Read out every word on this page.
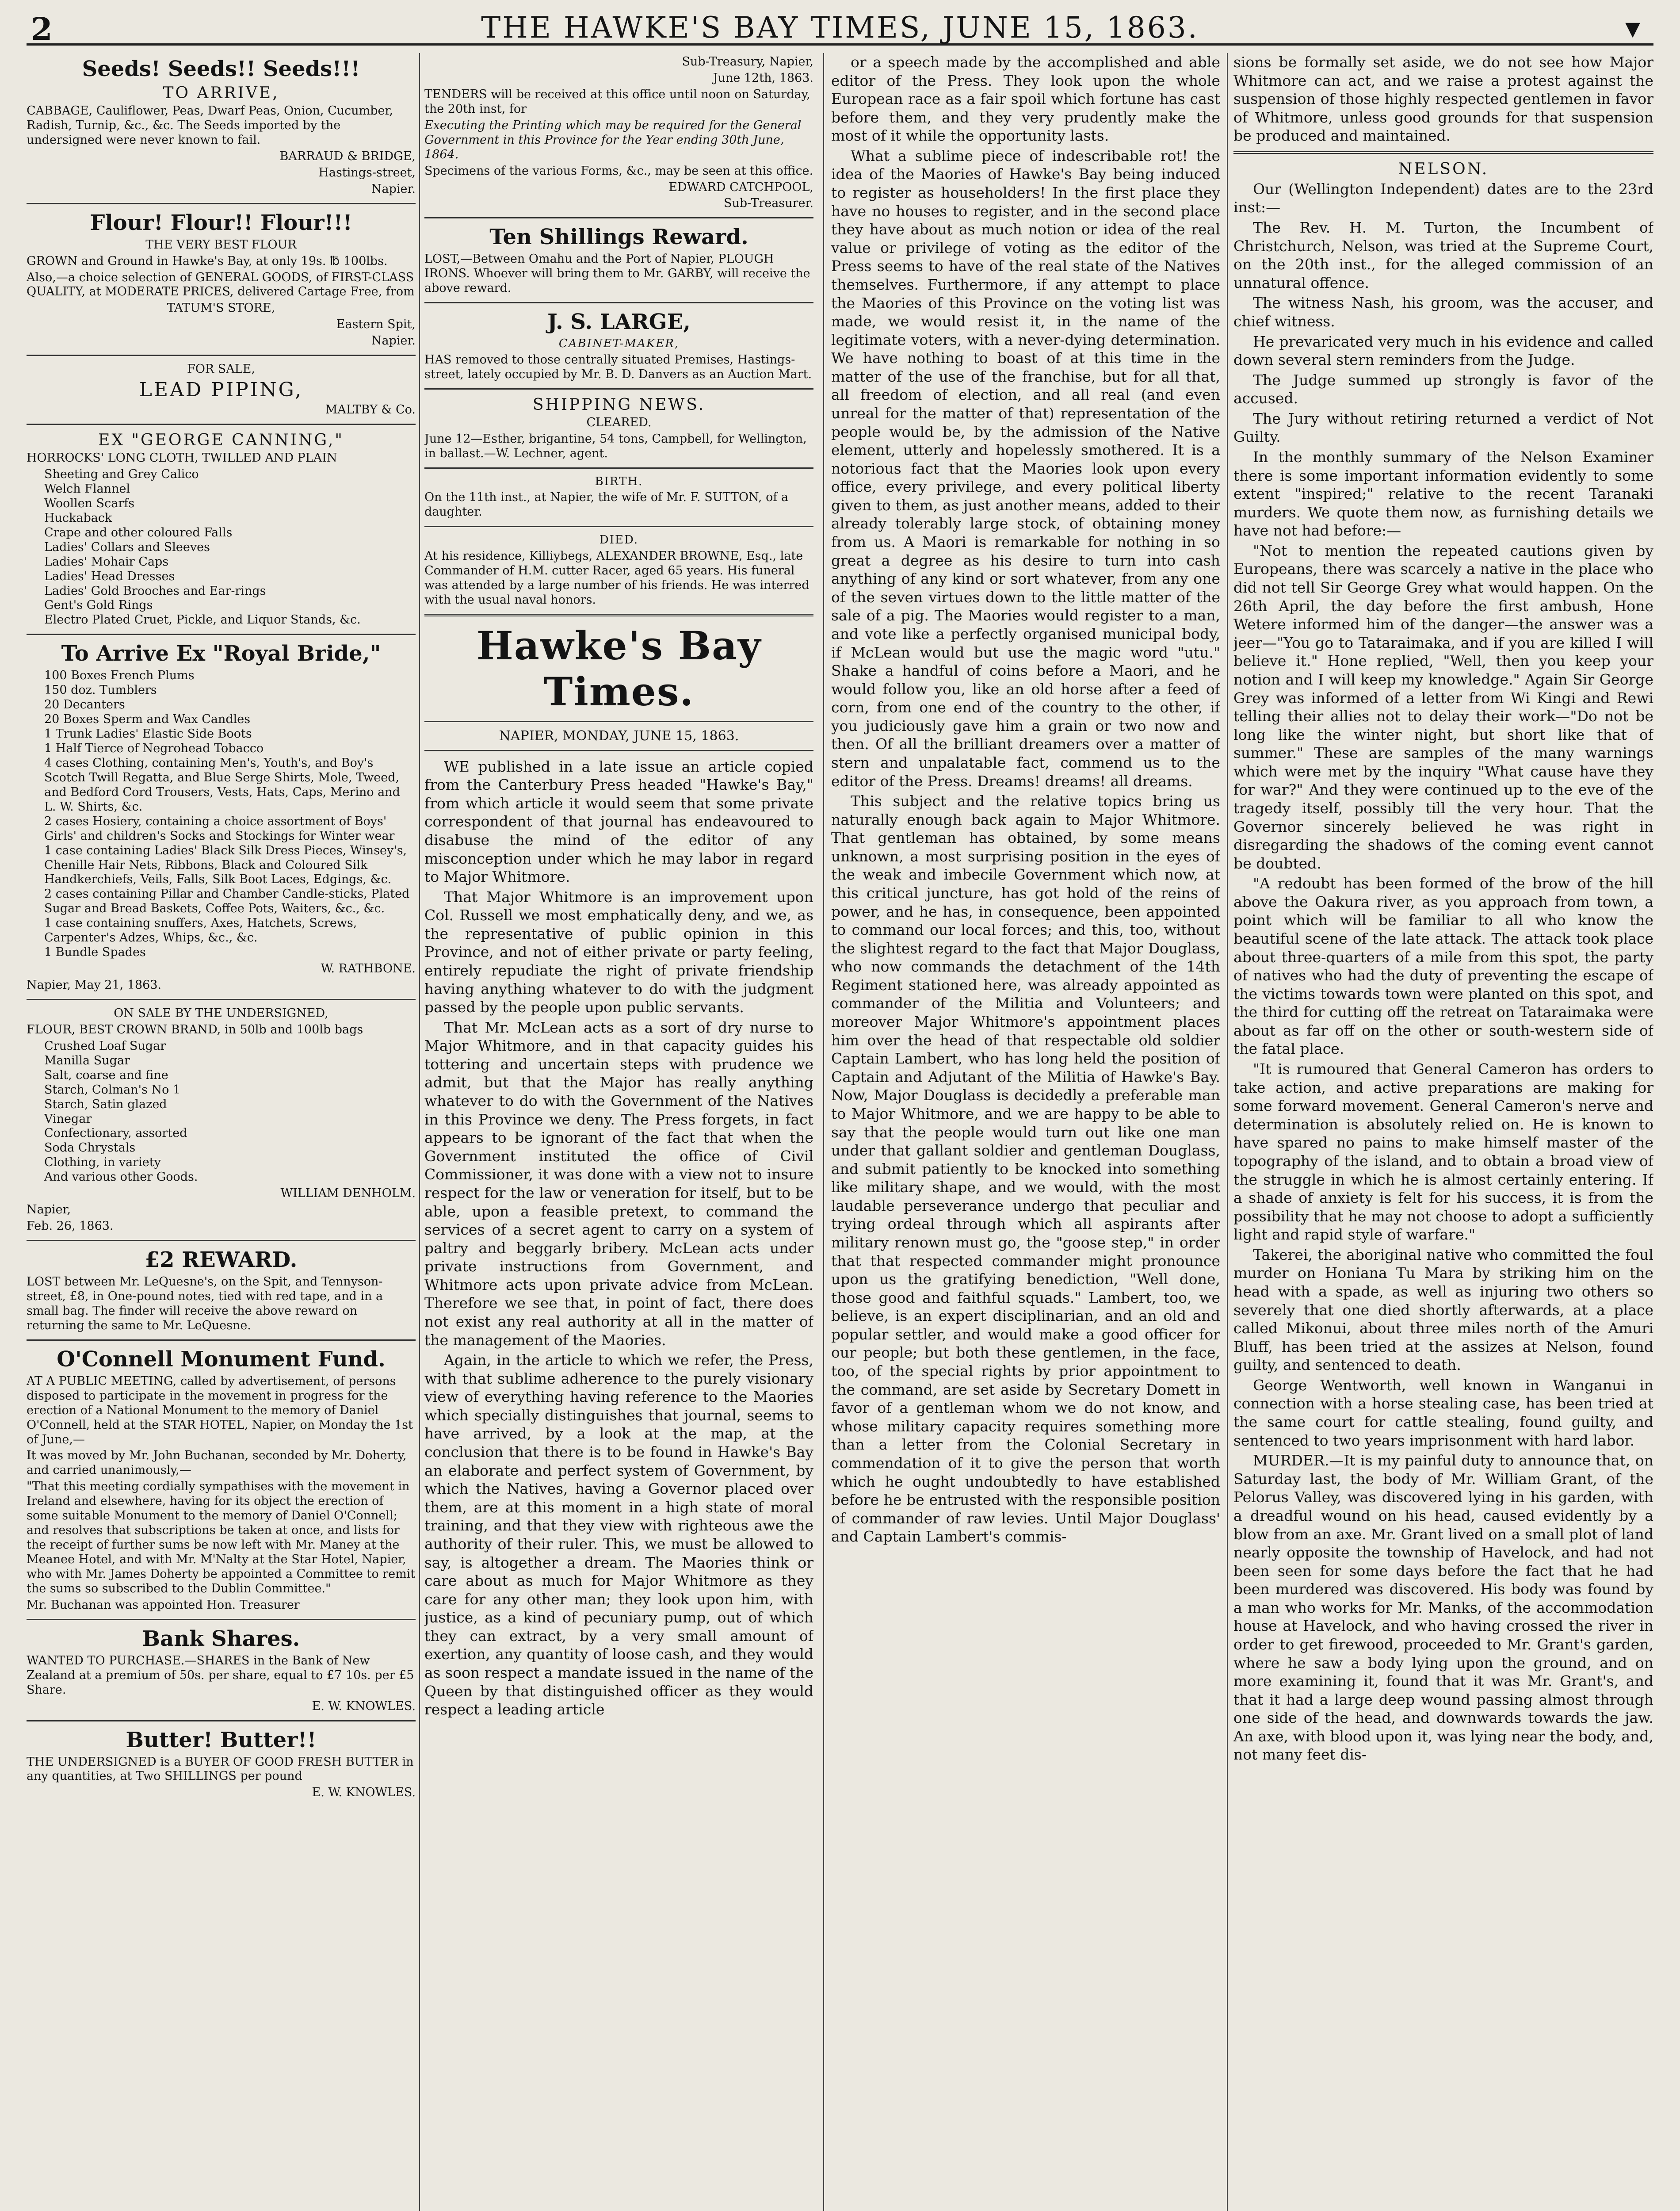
2	THE HAWKE'S BAY TIMES, JUNE 15, 1863.	▼
Seeds! Seeds!! Seeds!!!
TO ARRIVE,

CABBAGE, Cauliflower, Peas, Dwarf Peas, Onion, Cucumber, Radish, Turnip, &c., &c. The Seeds imported by the undersigned were never known to fail.

BARRAUD & BRIDGE,

Hastings-street,

Napier.

Flour! Flour!! Flour!!!
THE VERY BEST FLOUR

GROWN and Ground in Hawke's Bay, at only 19s. ℔ 100lbs.

Also,—a choice selection of GENERAL GOODS, of FIRST-CLASS QUALITY, at MODERATE PRICES, delivered Cartage Free, from

TATUM'S STORE,

Eastern Spit,

Napier.

FOR SALE,
LEAD PIPING,

MALTBY & Co.

EX "GEORGE CANNING,"

HORROCKS' LONG CLOTH, TWILLED AND PLAIN

Sheeting and Grey Calico

Welch Flannel

Woollen Scarfs

Huckaback

Crape and other coloured Falls

Ladies' Collars and Sleeves

Ladies' Mohair Caps

Ladies' Head Dresses

Ladies' Gold Brooches and Ear-rings

Gent's Gold Rings

Electro Plated Cruet, Pickle, and Liquor Stands, &c.

To Arrive Ex "Royal Bride,"

100 Boxes French Plums

150 doz. Tumblers

20 Decanters

20 Boxes Sperm and Wax Candles

1 Trunk Ladies' Elastic Side Boots

1 Half Tierce of Negrohead Tobacco

4 cases Clothing, containing Men's, Youth's, and Boy's Scotch Twill Regatta, and Blue Serge Shirts, Mole, Tweed, and Bedford Cord Trousers, Vests, Hats, Caps, Merino and L. W. Shirts, &c.

2 cases Hosiery, containing a choice assortment of Boys' Girls' and children's Socks and Stockings for Winter wear

1 case containing Ladies' Black Silk Dress Pieces, Winsey's, Chenille Hair Nets, Ribbons, Black and Coloured Silk Handkerchiefs, Veils, Falls, Silk Boot Laces, Edgings, &c.

2 cases containing Pillar and Chamber Candle-sticks, Plated Sugar and Bread Baskets, Coffee Pots, Waiters, &c., &c.

1 case containing snuffers, Axes, Hatchets, Screws, Carpenter's Adzes, Whips, &c., &c.

1 Bundle Spades

W. RATHBONE.

Napier, May 21, 1863.

ON SALE BY THE UNDERSIGNED,

FLOUR, BEST CROWN BRAND, in 50lb and 100lb bags

Crushed Loaf Sugar

Manilla Sugar

Salt, coarse and fine

Starch, Colman's No 1

Starch, Satin glazed

Vinegar

Confectionary, assorted

Soda Chrystals

Clothing, in variety

And various other Goods.

WILLIAM DENHOLM.

Napier,

Feb. 26, 1863.

£2 REWARD.

LOST between Mr. LeQuesne's, on the Spit, and Tennyson-street, £8, in One-pound notes, tied with red tape, and in a small bag. The finder will receive the above reward on returning the same to Mr. LeQuesne.

O'Connell Monument Fund.

AT A PUBLIC MEETING, called by advertisement, of persons disposed to participate in the movement in progress for the erection of a National Monument to the memory of Daniel O'Connell, held at the STAR HOTEL, Napier, on Monday the 1st of June,—

It was moved by Mr. John Buchanan, seconded by Mr. Doherty, and carried unanimously,—

"That this meeting cordially sympathises with the movement in Ireland and elsewhere, having for its object the erection of some suitable Monument to the memory of Daniel O'Connell; and resolves that subscriptions be taken at once, and lists for the receipt of further sums be now left with Mr. Maney at the Meanee Hotel, and with Mr. M'Nalty at the Star Hotel, Napier, who with Mr. James Doherty be appointed a Committee to remit the sums so subscribed to the Dublin Committee."

Mr. Buchanan was appointed Hon. Treasurer

Bank Shares.

WANTED TO PURCHASE.—SHARES in the Bank of New Zealand at a premium of 50s. per share, equal to £7 10s. per £5 Share.

E. W. KNOWLES.

Butter! Butter!!

THE UNDERSIGNED is a BUYER OF GOOD FRESH BUTTER in any quantities, at Two SHILLINGS per pound

E. W. KNOWLES.

Sub-Treasury, Napier,

June 12th, 1863.

TENDERS will be received at this office until noon on Saturday, the 20th inst, for

Executing the Printing which may be required for the General Government in this Province for the Year ending 30th June, 1864.

Specimens of the various Forms, &c., may be seen at this office.

EDWARD CATCHPOOL,

Sub-Treasurer.

Ten Shillings Reward.

LOST,—Between Omahu and the Port of Napier, PLOUGH IRONS. Whoever will bring them to Mr. GARBY, will receive the above reward.

J. S. LARGE,
CABINET-MAKER,

HAS removed to those centrally situated Premises, Hastings-street, lately occupied by Mr. B. D. Danvers as an Auction Mart.

SHIPPING NEWS.
CLEARED.

June 12—Esther, brigantine, 54 tons, Campbell, for Wellington, in ballast.—W. Lechner, agent.

BIRTH.

On the 11th inst., at Napier, the wife of Mr. F. SUTTON, of a daughter.

DIED.

At his residence, Killiybegs, ALEXANDER BROWNE, Esq., late Commander of H.M. cutter Racer, aged 65 years. His funeral was attended by a large number of his friends. He was interred with the usual naval honors.

Hawke's Bay Times.
NAPIER, MONDAY, JUNE 15, 1863.

WE published in a late issue an article copied from the Canterbury Press headed "Hawke's Bay," from which article it would seem that some private correspondent of that journal has endeavoured to disabuse the mind of the editor of any misconception under which he may labor in regard to Major Whitmore.

That Major Whitmore is an improvement upon Col. Russell we most emphatically deny, and we, as the representative of public opinion in this Province, and not of either private or party feeling, entirely repudiate the right of private friendship having anything whatever to do with the judgment passed by the people upon public servants.

That Mr. McLean acts as a sort of dry nurse to Major Whitmore, and in that capacity guides his tottering and uncertain steps with prudence we admit, but that the Major has really anything whatever to do with the Government of the Natives in this Province we deny. The Press forgets, in fact appears to be ignorant of the fact that when the Government instituted the office of Civil Commissioner, it was done with a view not to insure respect for the law or veneration for itself, but to be able, upon a feasible pretext, to command the services of a secret agent to carry on a system of paltry and beggarly bribery. McLean acts under private instructions from Government, and Whitmore acts upon private advice from McLean. Therefore we see that, in point of fact, there does not exist any real authority at all in the matter of the management of the Maories.

Again, in the article to which we refer, the Press, with that sublime adherence to the purely visionary view of everything having reference to the Maories which specially distinguishes that journal, seems to have arrived, by a look at the map, at the conclusion that there is to be found in Hawke's Bay an elaborate and perfect system of Government, by which the Natives, having a Governor placed over them, are at this moment in a high state of moral training, and that they view with righteous awe the authority of their ruler. This, we must be allowed to say, is altogether a dream. The Maories think or care about as much for Major Whitmore as they care for any other man; they look upon him, with justice, as a kind of pecuniary pump, out of which they can extract, by a very small amount of exertion, any quantity of loose cash, and they would as soon respect a mandate issued in the name of the Queen by that distinguished officer as they would respect a leading article

or a speech made by the accomplished and able editor of the Press. They look upon the whole European race as a fair spoil which fortune has cast before them, and they very prudently make the most of it while the opportunity lasts.

What a sublime piece of indescribable rot! the idea of the Maories of Hawke's Bay being induced to register as householders! In the first place they have no houses to register, and in the second place they have about as much notion or idea of the real value or privilege of voting as the editor of the Press seems to have of the real state of the Natives themselves. Furthermore, if any attempt to place the Maories of this Province on the voting list was made, we would resist it, in the name of the legitimate voters, with a never-dying determination. We have nothing to boast of at this time in the matter of the use of the franchise, but for all that, all freedom of election, and all real (and even unreal for the matter of that) representation of the people would be, by the admission of the Native element, utterly and hopelessly smothered. It is a notorious fact that the Maories look upon every office, every privilege, and every political liberty given to them, as just another means, added to their already tolerably large stock, of obtaining money from us. A Maori is remarkable for nothing in so great a degree as his desire to turn into cash anything of any kind or sort whatever, from any one of the seven virtues down to the little matter of the sale of a pig. The Maories would register to a man, and vote like a perfectly organised municipal body, if McLean would but use the magic word "utu." Shake a handful of coins before a Maori, and he would follow you, like an old horse after a feed of corn, from one end of the country to the other, if you judiciously gave him a grain or two now and then. Of all the brilliant dreamers over a matter of stern and unpalatable fact, commend us to the editor of the Press. Dreams! dreams! all dreams.

This subject and the relative topics bring us naturally enough back again to Major Whitmore. That gentleman has obtained, by some means unknown, a most surprising position in the eyes of the weak and imbecile Government which now, at this critical juncture, has got hold of the reins of power, and he has, in consequence, been appointed to command our local forces; and this, too, without the slightest regard to the fact that Major Douglass, who now commands the detachment of the 14th Regiment stationed here, was already appointed as commander of the Militia and Volunteers; and moreover Major Whitmore's appointment places him over the head of that respectable old soldier Captain Lambert, who has long held the position of Captain and Adjutant of the Militia of Hawke's Bay. Now, Major Douglass is decidedly a preferable man to Major Whitmore, and we are happy to be able to say that the people would turn out like one man under that gallant soldier and gentleman Douglass, and submit patiently to be knocked into something like military shape, and we would, with the most laudable perseverance undergo that peculiar and trying ordeal through which all aspirants after military renown must go, the "goose step," in order that that respected commander might pronounce upon us the gratifying benediction, "Well done, those good and faithful squads." Lambert, too, we believe, is an expert disciplinarian, and an old and popular settler, and would make a good officer for our people; but both these gentlemen, in the face, too, of the special rights by prior appointment to the command, are set aside by Secretary Domett in favor of a gentleman whom we do not know, and whose military capacity requires something more than a letter from the Colonial Secretary in commendation of it to give the person that worth which he ought undoubtedly to have established before he be entrusted with the responsible position of commander of raw levies. Until Major Douglass' and Captain Lambert's commis-

sions be formally set aside, we do not see how Major Whitmore can act, and we raise a protest against the suspension of those highly respected gentlemen in favor of Whitmore, unless good grounds for that suspension be produced and maintained.

NELSON.

Our (Wellington Independent) dates are to the 23rd inst:—

The Rev. H. M. Turton, the Incumbent of Christchurch, Nelson, was tried at the Supreme Court, on the 20th inst., for the alleged commission of an unnatural offence.

The witness Nash, his groom, was the accuser, and chief witness.

He prevaricated very much in his evidence and called down several stern reminders from the Judge.

The Judge summed up strongly is favor of the accused.

The Jury without retiring returned a verdict of Not Guilty.

In the monthly summary of the Nelson Examiner there is some important information evidently to some extent "inspired;" relative to the recent Taranaki murders. We quote them now, as furnishing details we have not had before:—

"Not to mention the repeated cautions given by Europeans, there was scarcely a native in the place who did not tell Sir George Grey what would happen. On the 26th April, the day before the first ambush, Hone Wetere informed him of the danger—the answer was a jeer—"You go to Tataraimaka, and if you are killed I will believe it." Hone replied, "Well, then you keep your notion and I will keep my knowledge." Again Sir George Grey was informed of a letter from Wi Kingi and Rewi telling their allies not to delay their work—"Do not be long like the winter night, but short like that of summer." These are samples of the many warnings which were met by the inquiry "What cause have they for war?" And they were continued up to the eve of the tragedy itself, possibly till the very hour. That the Governor sincerely believed he was right in disregarding the shadows of the coming event cannot be doubted.

"A redoubt has been formed of the brow of the hill above the Oakura river, as you approach from town, a point which will be familiar to all who know the beautiful scene of the late attack. The attack took place about three-quarters of a mile from this spot, the party of natives who had the duty of preventing the escape of the victims towards town were planted on this spot, and the third for cutting off the retreat on Tataraimaka were about as far off on the other or south-western side of the fatal place.

"It is rumoured that General Cameron has orders to take action, and active preparations are making for some forward movement. General Cameron's nerve and determination is absolutely relied on. He is known to have spared no pains to make himself master of the topography of the island, and to obtain a broad view of the struggle in which he is almost certainly entering. If a shade of anxiety is felt for his success, it is from the possibility that he may not choose to adopt a sufficiently light and rapid style of warfare."

Takerei, the aboriginal native who committed the foul murder on Honiana Tu Mara by striking him on the head with a spade, as well as injuring two others so severely that one died shortly afterwards, at a place called Mikonui, about three miles north of the Amuri Bluff, has been tried at the assizes at Nelson, found guilty, and sentenced to death.

George Wentworth, well known in Wanganui in connection with a horse stealing case, has been tried at the same court for cattle stealing, found guilty, and sentenced to two years imprisonment with hard labor.

MURDER.—It is my painful duty to announce that, on Saturday last, the body of Mr. William Grant, of the Pelorus Valley, was discovered lying in his garden, with a dreadful wound on his head, caused evidently by a blow from an axe. Mr. Grant lived on a small plot of land nearly opposite the township of Havelock, and had not been seen for some days before the fact that he had been murdered was discovered. His body was found by a man who works for Mr. Manks, of the accommodation house at Havelock, and who having crossed the river in order to get firewood, proceeded to Mr. Grant's garden, where he saw a body lying upon the ground, and on more examining it, found that it was Mr. Grant's, and that it had a large deep wound passing almost through one side of the head, and downwards towards the jaw. An axe, with blood upon it, was lying near the body, and, not many feet dis-
